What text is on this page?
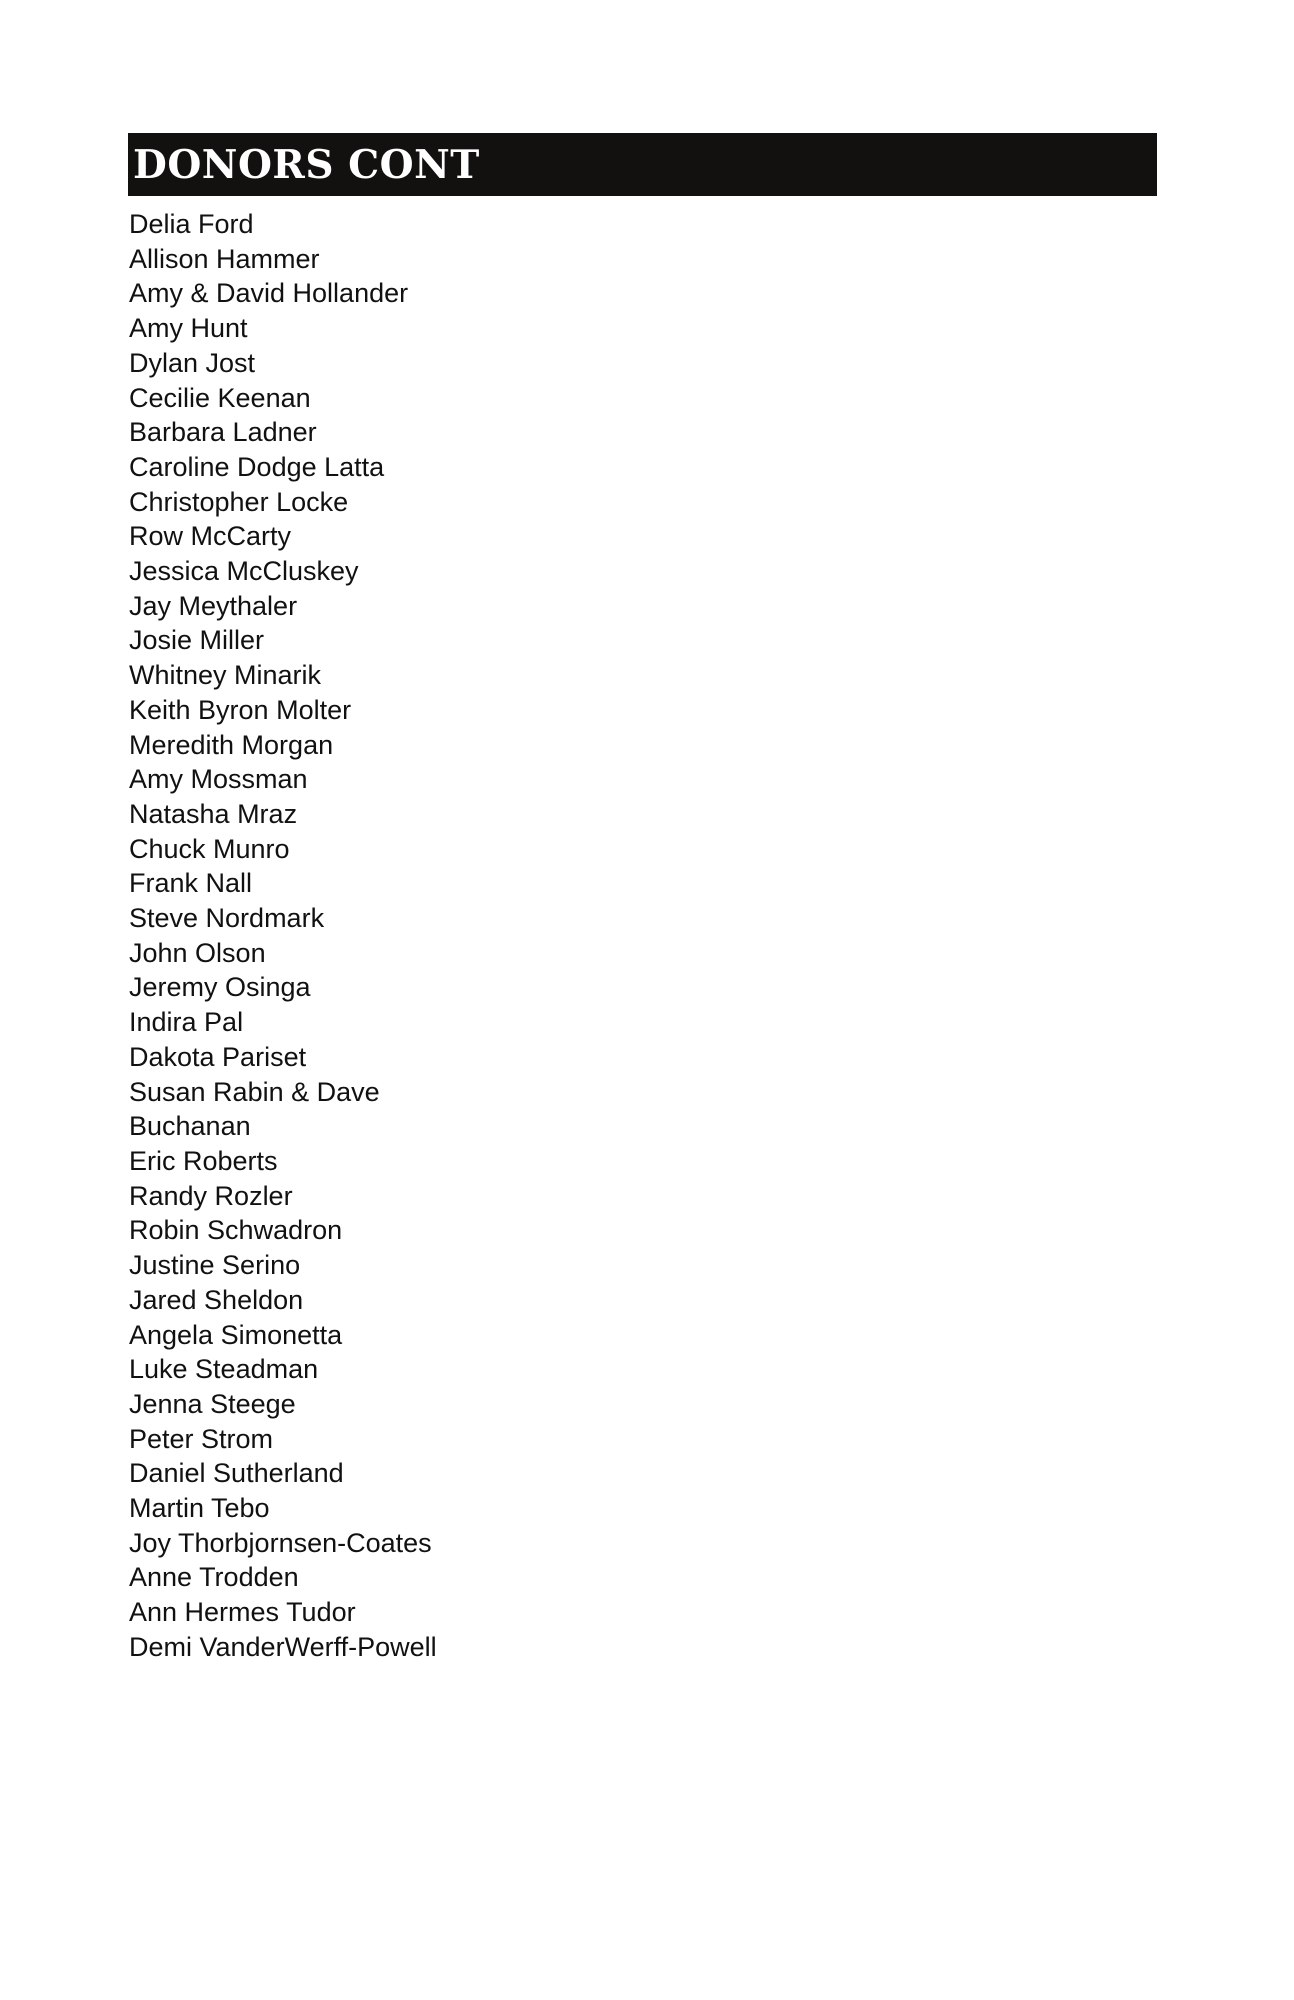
DONORS CONT
Delia Ford
Allison Hammer
Amy & David Hollander
Amy Hunt
Dylan Jost
Cecilie Keenan
Barbara Ladner
Caroline Dodge Latta
Christopher Locke
Row McCarty
Jessica McCluskey
Jay Meythaler
Josie Miller
Whitney Minarik
Keith Byron Molter
Meredith Morgan
Amy Mossman
Natasha Mraz
Chuck Munro
Frank Nall
Steve Nordmark
John Olson
Jeremy Osinga
Indira Pal
Dakota Pariset
Susan Rabin & Dave
Buchanan
Eric Roberts
Randy Rozler
Robin Schwadron
Justine Serino
Jared Sheldon
Angela Simonetta
Luke Steadman
Jenna Steege
Peter Strom
Daniel Sutherland
Martin Tebo
Joy Thorbjornsen-Coates
Anne Trodden
Ann Hermes Tudor
Demi VanderWerff-Powell
